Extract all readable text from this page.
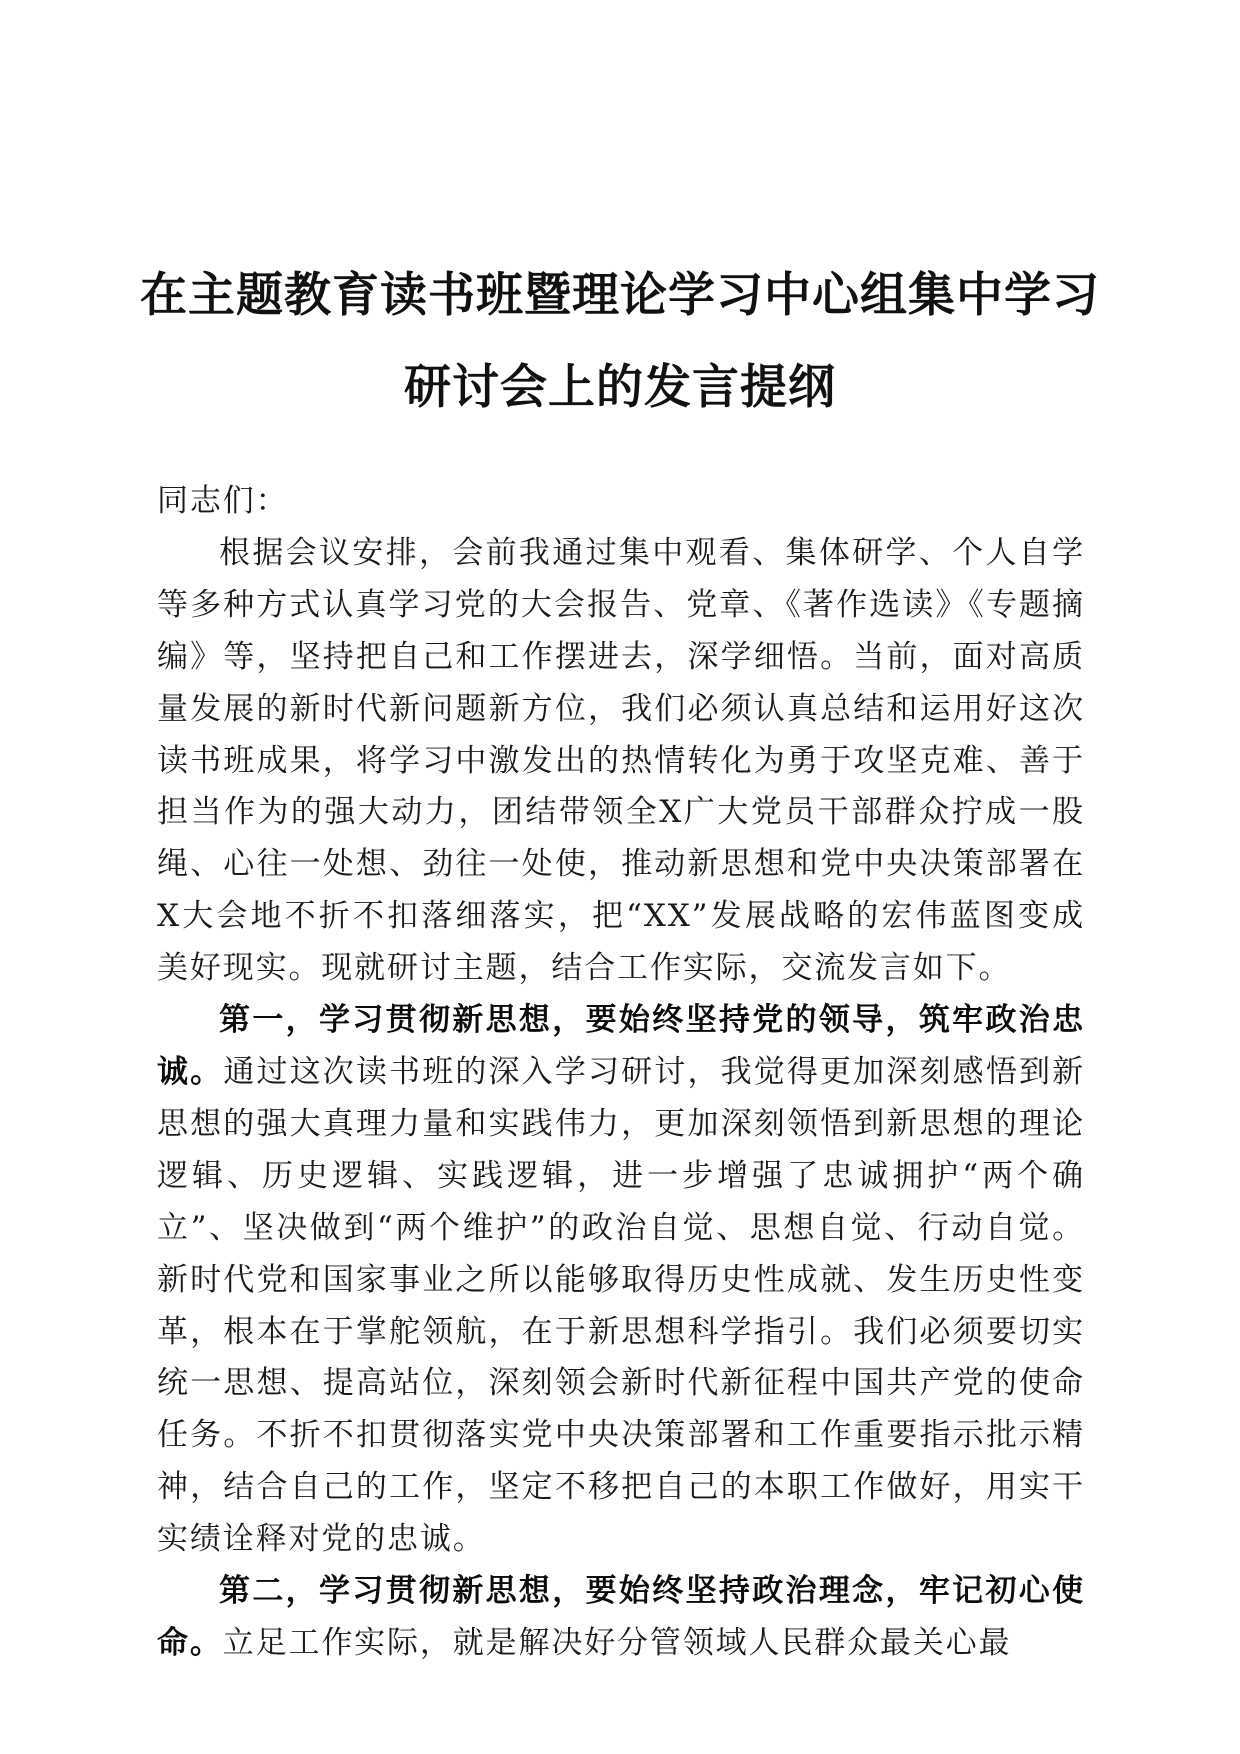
在主题教育读书班暨理论学习中心组集中学习
研讨会上的发言提纲

同志们：

根据会议安排，会前我通过集中观看、集体研学、个人自学等多种方式认真学习党的大会报告、党章、《著作选读》《专题摘编》等，坚持把自己和工作摆进去，深学细悟。当前，面对高质量发展的新时代新问题新方位，我们必须认真总结和运用好这次读书班成果，将学习中激发出的热情转化为勇于攻坚克难、善于担当作为的强大动力，团结带领全X广大党员干部群众拧成一股绳、心往一处想、劲往一处使，推动新思想和党中央决策部署在X大会地不折不扣落细落实，把“XX”发展战略的宏伟蓝图变成美好现实。现就研讨主题，结合工作实际，交流发言如下。

第一，学习贯彻新思想，要始终坚持党的领导，筑牢政治忠诚。通过这次读书班的深入学习研讨，我觉得更加深刻感悟到新思想的强大真理力量和实践伟力，更加深刻领悟到新思想的理论逻辑、历史逻辑、实践逻辑，进一步增强了忠诚拥护“两个确立”、坚决做到“两个维护”的政治自觉、思想自觉、行动自觉。新时代党和国家事业之所以能够取得历史性成就、发生历史性变革，根本在于掌舵领航，在于新思想科学指引。我们必须要切实统一思想、提高站位，深刻领会新时代新征程中国共产党的使命任务。不折不扣贯彻落实党中央决策部署和工作重要指示批示精神，结合自己的工作，坚定不移把自己的本职工作做好，用实干实绩诠释对党的忠诚。

第二，学习贯彻新思想，要始终坚持政治理念，牢记初心使命。立足工作实际，就是解决好分管领域人民群众最关心最
